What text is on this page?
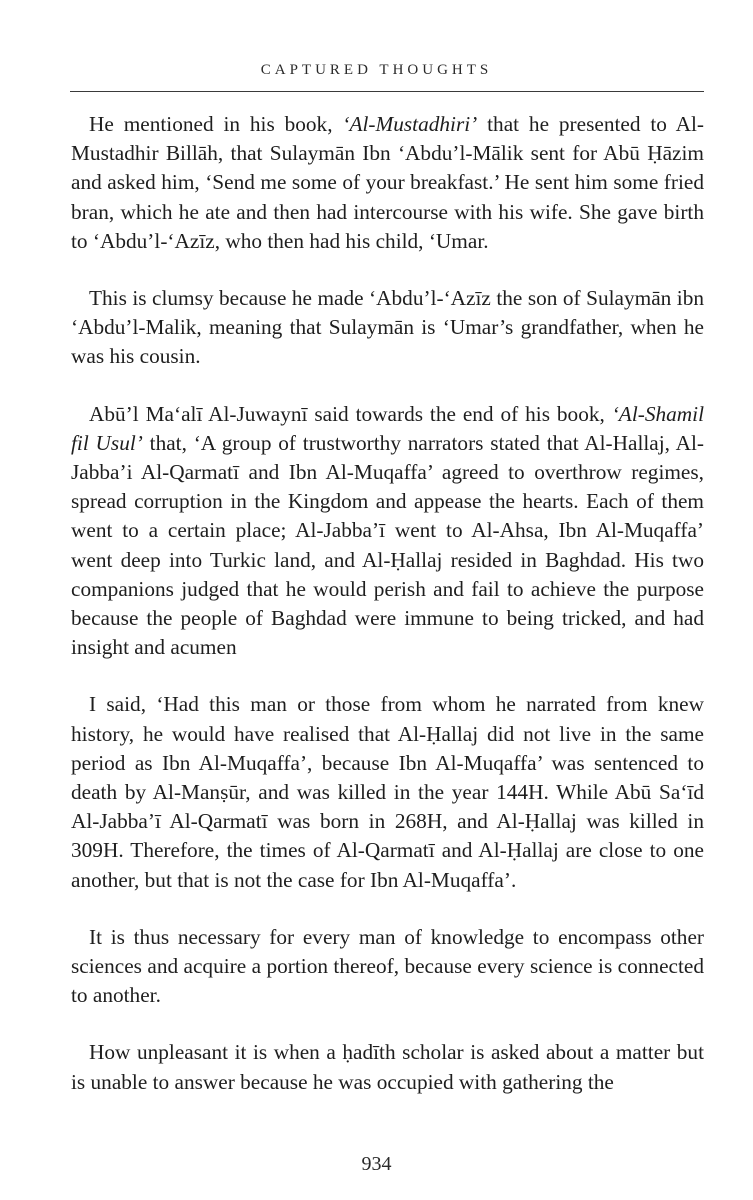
CAPTURED THOUGHTS

He mentioned in his book, ‘Al-Mustadhiri’ that he presented to Al-Mustadhir Billāh, that Sulaymān Ibn ‘Abdu’l-Mālik sent for Abū Ḥāzim and asked him, ‘Send me some of your breakfast.’ He sent him some fried bran, which he ate and then had intercourse with his wife. She gave birth to ‘Abdu’l-‘Azīz, who then had his child, ‘Umar.

This is clumsy because he made ‘Abdu’l-‘Azīz the son of Sulaymān ibn ‘Abdu’l-Malik, meaning that Sulaymān is ‘Umar’s grandfather, when he was his cousin.

Abū’l Ma‘alī Al-Juwaynī said towards the end of his book, ‘Al-Shamil fil Usul’ that, ‘A group of trustworthy narrators stated that Al-Hallaj, Al-Jabba’i Al-Qarmatī and Ibn Al-Muqaffa’ agreed to overthrow regimes, spread corruption in the Kingdom and appease the hearts. Each of them went to a certain place; Al-Jabba’ī went to Al-Ahsa, Ibn Al-Muqaffa’ went deep into Turkic land, and Al-Ḥallaj resided in Baghdad. His two companions judged that he would perish and fail to achieve the purpose because the people of Baghdad were immune to being tricked, and had insight and acumen

I said, ‘Had this man or those from whom he narrated from knew history, he would have realised that Al-Ḥallaj did not live in the same period as Ibn Al-Muqaffa’, because Ibn Al-Muqaffa’ was sentenced to death by Al-Manṣūr, and was killed in the year 144H. While Abū Sa‘īd Al-Jabba’ī Al-Qarmatī was born in 268H, and Al-Ḥallaj was killed in 309H. Therefore, the times of Al-Qarmatī and Al-Ḥallaj are close to one another, but that is not the case for Ibn Al-Muqaffa’.

It is thus necessary for every man of knowledge to encompass other sciences and acquire a portion thereof, because every science is connected to another.

How unpleasant it is when a ḥadīth scholar is asked about a matter but is unable to answer because he was occupied with gathering the

934
